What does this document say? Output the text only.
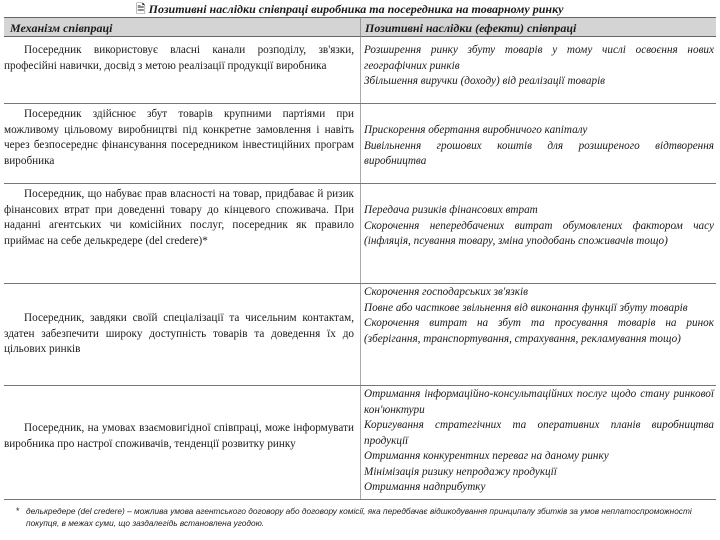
🗎 Позитивні наслідки співпраці виробника та посередника на товарному ринку
Механізм співпраці	Позитивні наслідки (ефекти) співпраці

Посередник використовує власні канали розподілу, зв'язки, професійні навички, досвід з метою реалізації продукції виробника

Розширення ринку збуту товарів у тому числі освоєння нових географічних ринків

Збільшення виручки (доходу) від реалізації товарів

Посередник здійснює збут товарів крупними партіями при можливому цільовому виробництві під конкретне замовлення і навіть через безпосереднє фінансування посередником інвестиційних програм виробника

Прискорення обертання виробничого капіталу

Вивільнення грошових коштів для розширеного відтворення виробництва

Посередник, що набуває прав власності на товар, придбаває й ризик фінансових втрат при доведенні товару до кінцевого споживача. При наданні агентських чи комісійних послуг, посередник як правило приймає на себе делькредере (del credere)*

Передача ризиків фінансових втрат

Скорочення непередбачених витрат обумовлених фактором часу (інфляція, псування товару, зміна уподобань споживачів тощо)

Посередник, завдяки своїй спеціалізації та чисельним контактам, здатен забезпечити широку доступність товарів та доведення їх до цільових ринків

Скорочення господарських зв'язків

Повне або часткове звільнення від виконання функції збуту товарів

Скорочення витрат на збут та просування товарів на ринок (зберігання, транспортування, страхування, рекламування тощо)

Посередник, на умовах взаємовигідної співпраці, може інформувати виробника про настрої споживачів, тенденції розвитку ринку

Отримання інформаційно-консультаційних послуг щодо стану ринкової кон'юнктури

Коригування стратегічних та оперативних планів виробництва продукції

Отримання конкурентних переваг на даному ринку

Мінімізація ризику непродажу продукції

Отримання надприбутку

* делькредере (del credere) – можлива умова агентського договору або договору комісії, яка передбачає відшкодування принципалу збитків за умов неплатоспроможності покупця, в межах суми, що заздалегідь встановлена угодою.
